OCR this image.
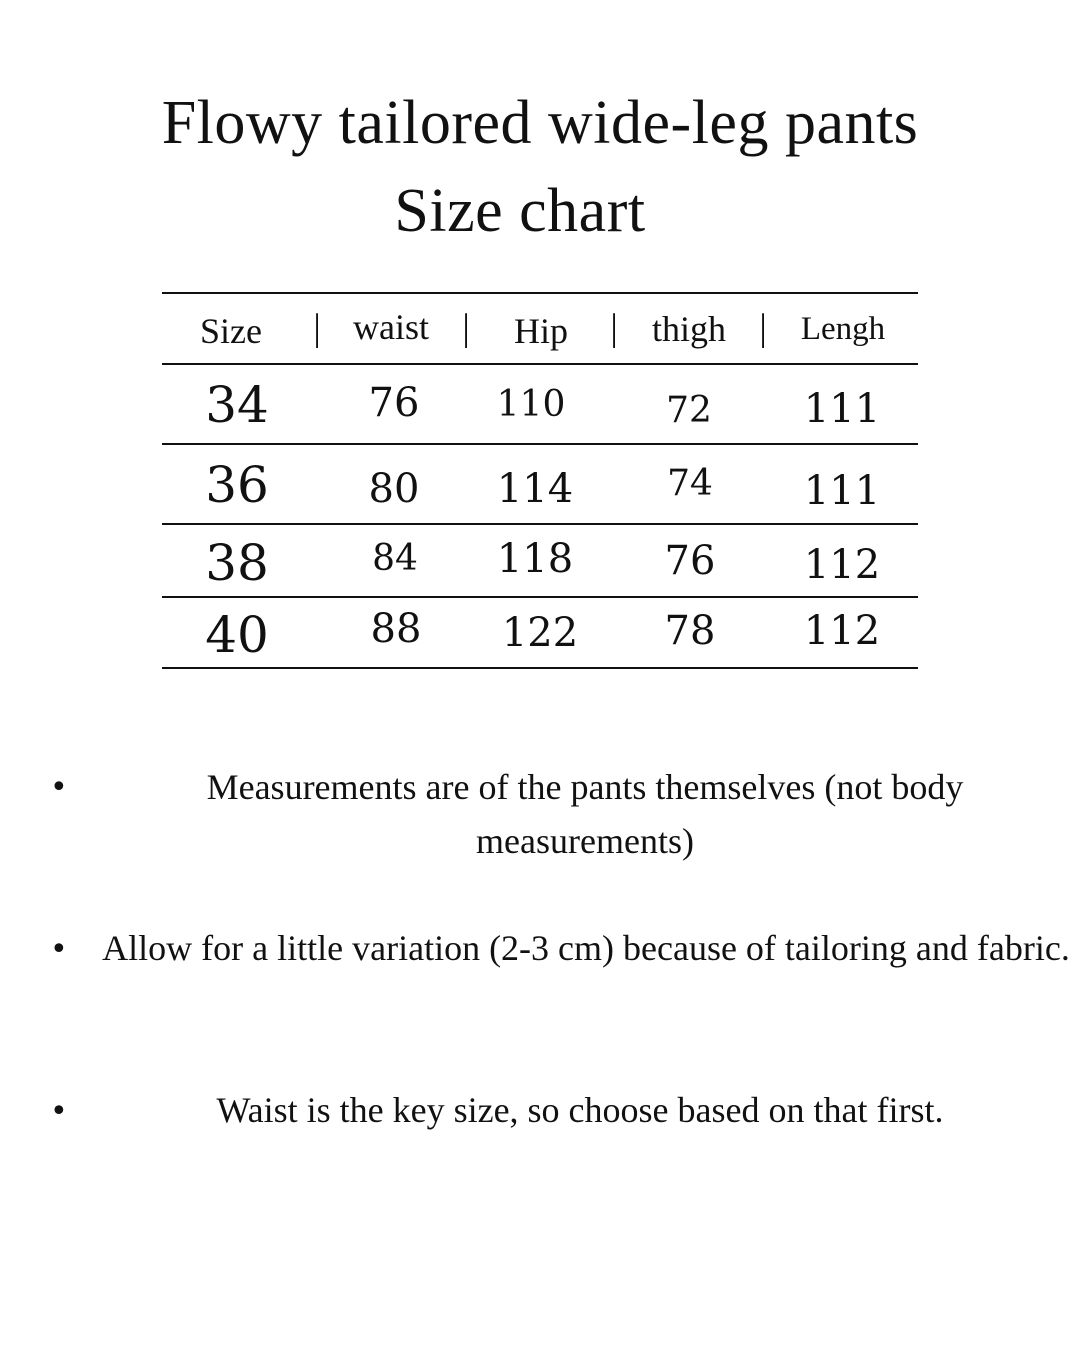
Flowy tailored wide-leg pants
Size chart
Size | waist | Hip | thigh | Lengh
34 76 110	72 111
36 80 114	74 111
38	84 118 76 112
40	88 122 78 112
•	Measurements are of the pants themselves (not body measurements)
• Allow for a little variation (2-3 cm) because of tailoring and fabric.
•	Waist is the key size, so choose based on that first.
